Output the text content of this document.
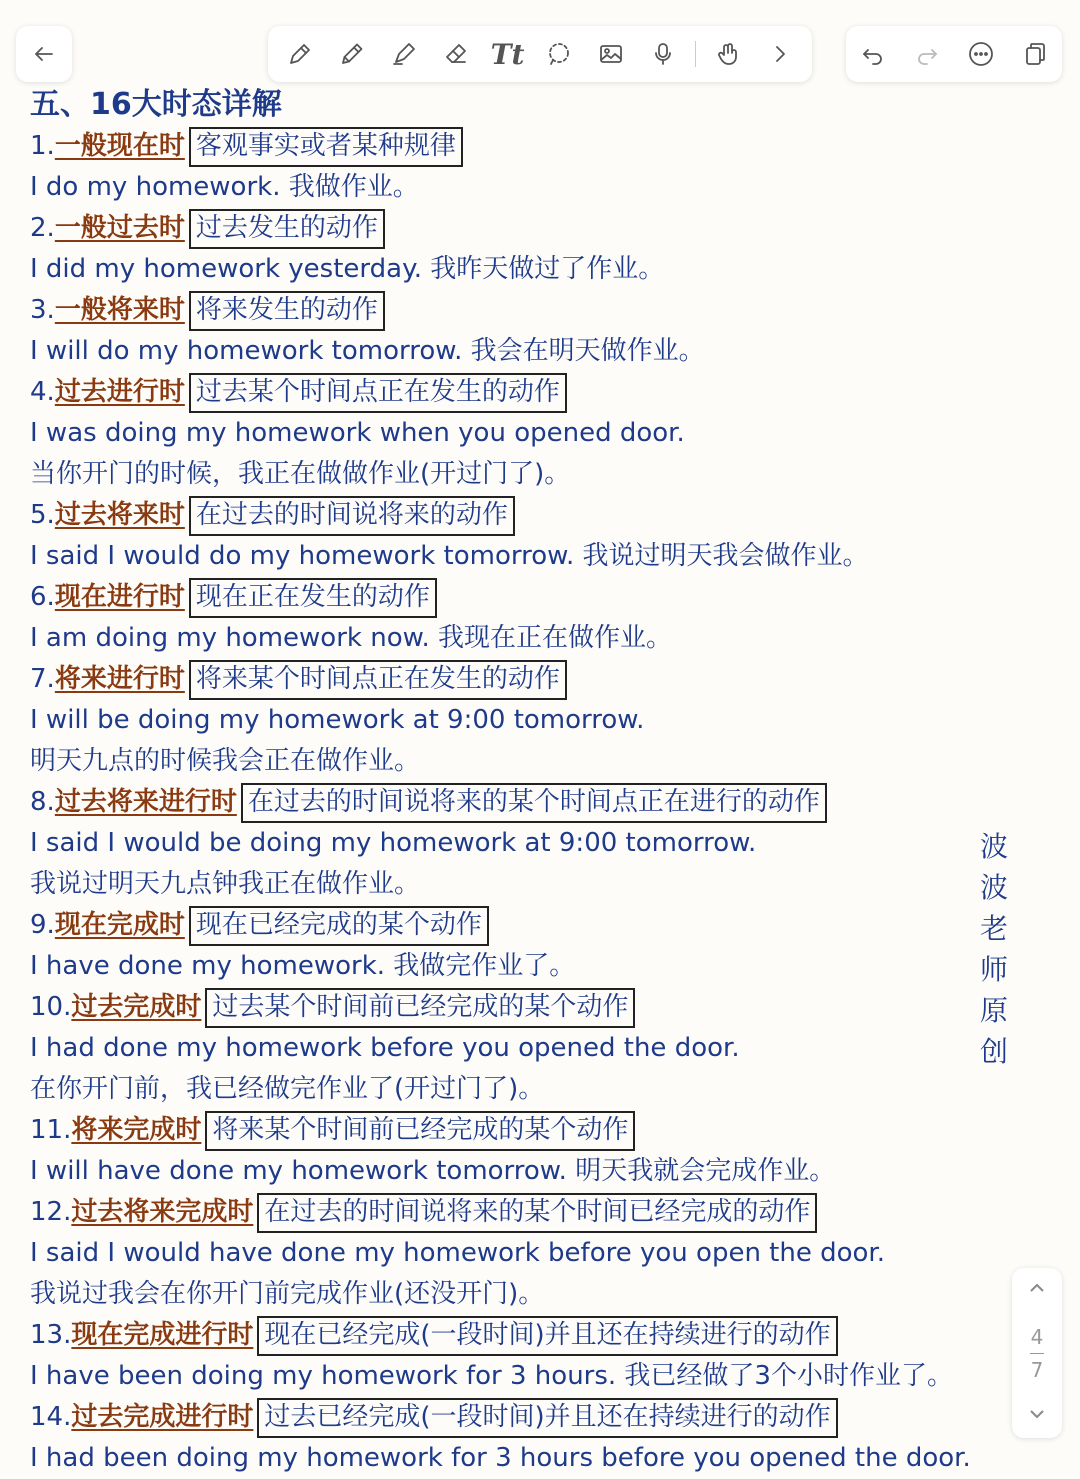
Tt
五、16大时态详解
1.一般现在时 客观事实或者某种规律
I do my homework. 我做作业。
2.一般过去时 过去发生的动作
I did my homework yesterday. 我昨天做过了作业。
3.一般将来时 将来发生的动作
I will do my homework tomorrow. 我会在明天做作业。
4.过去进行时 过去某个时间点正在发生的动作
I was doing my homework when you opened door.
当你开门的时候，我正在做做作业(开过门了)。
5.过去将来时 在过去的时间说将来的动作
I said I would do my homework tomorrow. 我说过明天我会做作业。
6.现在进行时 现在正在发生的动作
I am doing my homework now. 我现在正在做作业。
7.将来进行时 将来某个时间点正在发生的动作
I will be doing my homework at 9:00 tomorrow.
明天九点的时候我会正在做作业。
8.过去将来进行时 在过去的时间说将来的某个时间点正在进行的动作
I said I would be doing my homework at 9:00 tomorrow.
我说过明天九点钟我正在做作业。
9.现在完成时 现在已经完成的某个动作
I have done my homework. 我做完作业了。
10.过去完成时 过去某个时间前已经完成的某个动作
I had done my homework before you opened the door.
在你开门前，我已经做完作业了(开过门了)。
11.将来完成时 将来某个时间前已经完成的某个动作
I will have done my homework tomorrow. 明天我就会完成作业。
12.过去将来完成时 在过去的时间说将来的某个时间已经完成的动作
I said I would have done my homework before you open the door.
我说过我会在你开门前完成作业(还没开门)。
13.现在完成进行时 现在已经完成(一段时间)并且还在持续进行的动作
I have been doing my homework for 3 hours. 我已经做了3个小时作业了。
14.过去完成进行时 过去已经完成(一段时间)并且还在持续进行的动作
I had been doing my homework for 3 hours before you opened the door.
波
波
老
师
原
创
4
7
